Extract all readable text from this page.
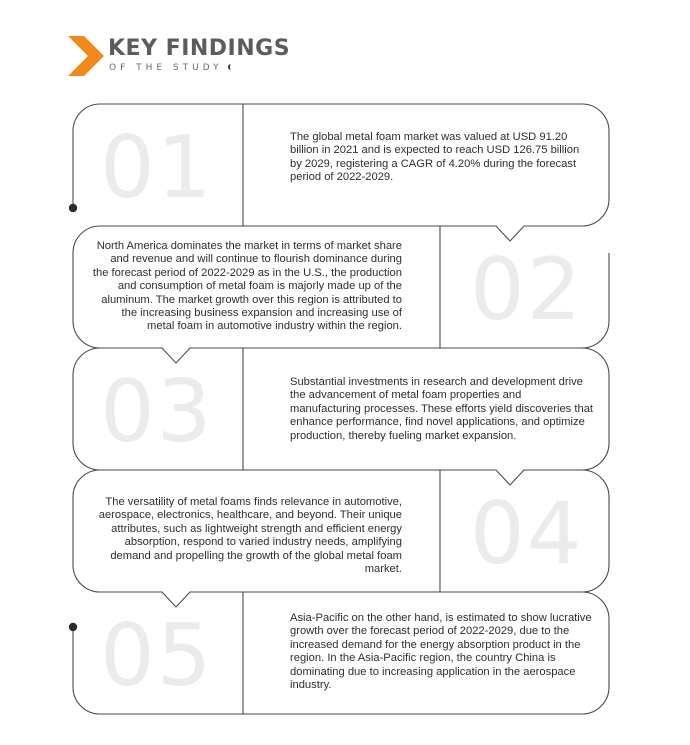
KEY FINDINGS
OF THE STUDY
01
02
03
04
05

The global metal foam market was valued at USD 91.20 billion in 2021 and is expected to reach USD 126.75 billion by 2029, registering a CAGR of 4.20% during the forecast period of 2022-2029.

North America dominates the market in terms of market share and revenue and will continue to flourish dominance during the forecast period of 2022-2029 as in the U.S., the production and consumption of metal foam is majorly made up of the aluminum. The market growth over this region is attributed to the increasing business expansion and increasing use of metal foam in automotive industry within the region.

Substantial investments in research and development drive the advancement of metal foam properties and manufacturing processes. These efforts yield discoveries that enhance performance, find novel applications, and optimize production, thereby fueling market expansion.

The versatility of metal foams finds relevance in automotive, aerospace, electronics, healthcare, and beyond. Their unique attributes, such as lightweight strength and efficient energy absorption, respond to varied industry needs, amplifying demand and propelling the growth of the global metal foam market.

Asia-Pacific on the other hand, is estimated to show lucrative growth over the forecast period of 2022-2029, due to the increased demand for the energy absorption product in the region. In the Asia-Pacific region, the country China is dominating due to increasing application in the aerospace industry.
